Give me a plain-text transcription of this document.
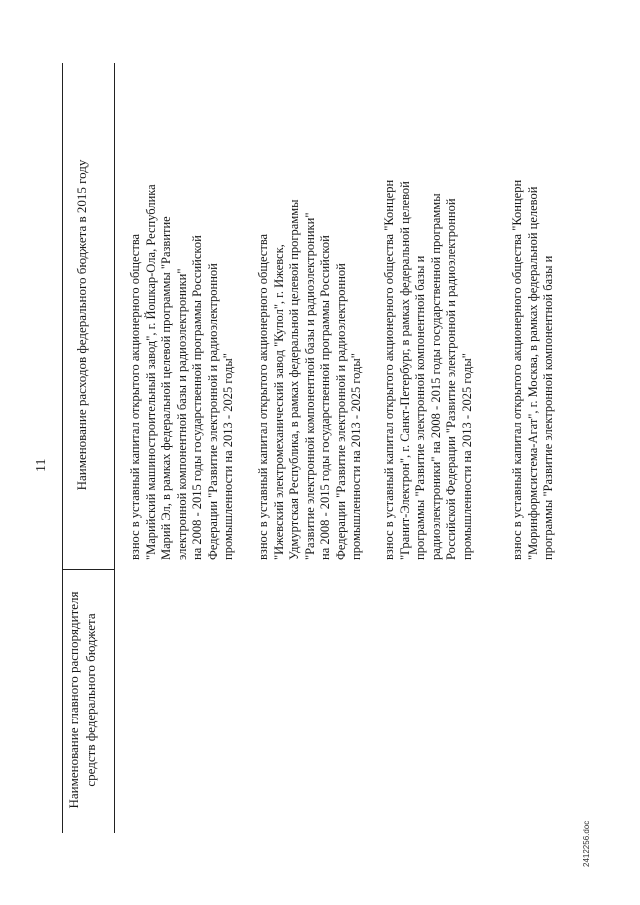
11
Наименование главного распорядителя средств федерального бюджета
Наименование расходов федерального бюджета в 2015 году
взнос в уставный капитал открытого акционерного общества
"Марийский машиностроительный завод", г. Йошкар-Ола, Республика
Марий Эл, в рамках федеральной целевой программы "Развитие
электронной компонентной базы и радиоэлектроники"
на 2008 - 2015 годы государственной программы Российской
Федерации "Развитие электронной и радиоэлектронной
промышленности на 2013 - 2025 годы"
взнос в уставный капитал открытого акционерного общества
"Ижевский электромеханический завод "Купол", г. Ижевск,
Удмуртская Республика, в рамках федеральной целевой программы
"Развитие электронной компонентной базы и радиоэлектроники"
на 2008 - 2015 годы государственной программы Российской
Федерации "Развитие электронной и радиоэлектронной
промышленности на 2013 - 2025 годы"
взнос в уставный капитал открытого акционерного общества "Концерн
"Гранит-Электрон", г. Санкт-Петербург, в рамках федеральной целевой
программы "Развитие электронной компонентной базы и
радиоэлектроники" на 2008 - 2015 годы государственной программы
Российской Федерации "Развитие электронной и радиоэлектронной
промышленности на 2013 - 2025 годы"
взнос в уставный капитал открытого акционерного общества "Концерн
"Моринформсистема-Агат", г. Москва, в рамках федеральной целевой
программы "Развитие электронной компонентной базы и
2412256.doc
